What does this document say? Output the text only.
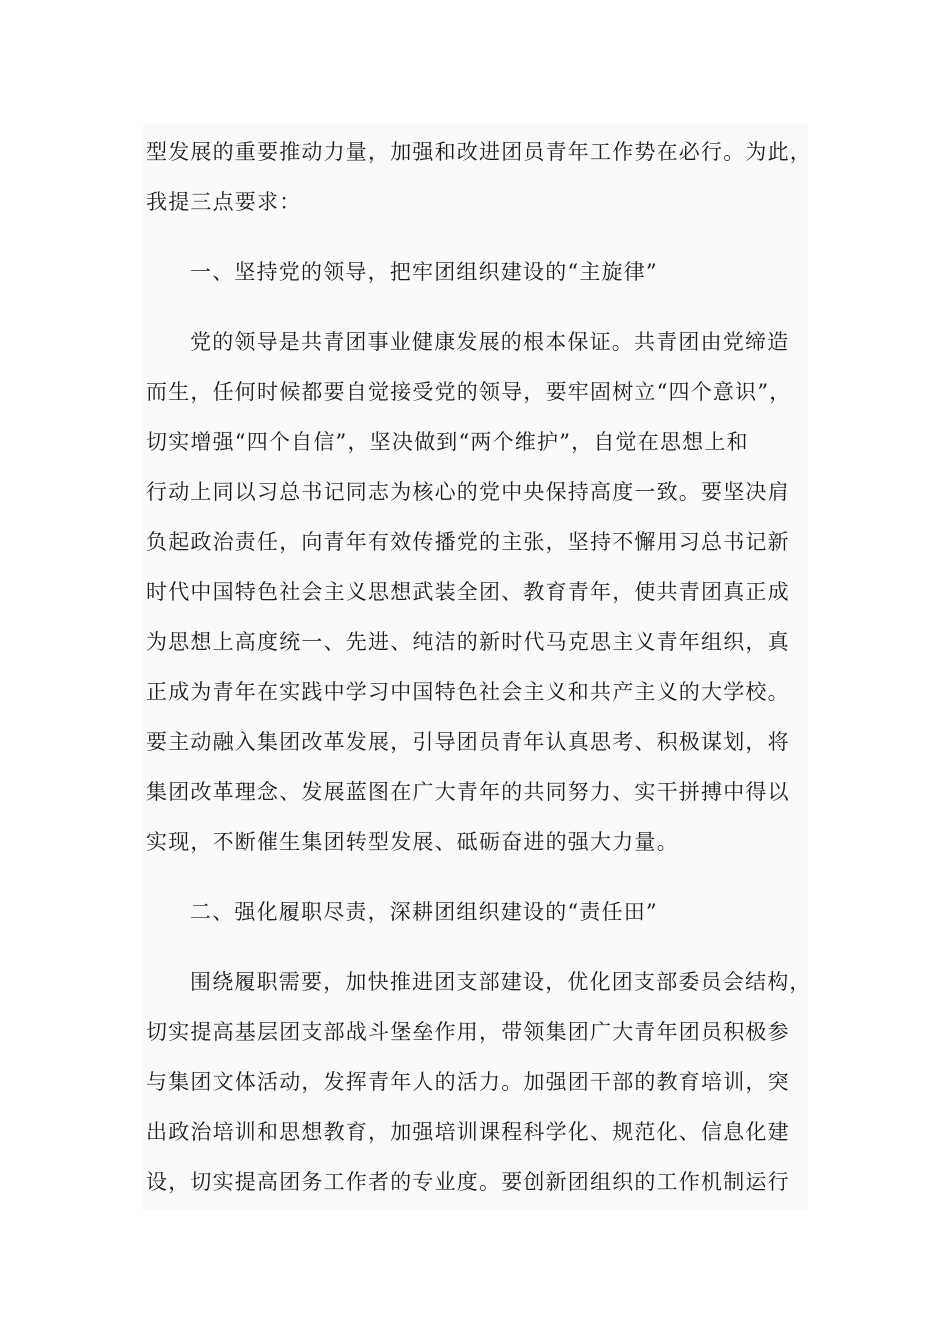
型发展的重要推动力量，加强和改进团员青年工作势在必行。为此，
我提三点要求：
一、坚持党的领导，把牢团组织建设的“主旋律”
党的领导是共青团事业健康发展的根本保证。共青团由党缔造
而生，任何时候都要自觉接受党的领导，要牢固树立“四个意识”，
切实增强“四个自信”，坚决做到“两个维护”，自觉在思想上和
行动上同以习总书记同志为核心的党中央保持高度一致。要坚决肩
负起政治责任，向青年有效传播党的主张，坚持不懈用习总书记新
时代中国特色社会主义思想武装全团、教育青年，使共青团真正成
为思想上高度统一、先进、纯洁的新时代马克思主义青年组织，真
正成为青年在实践中学习中国特色社会主义和共产主义的大学校。
要主动融入集团改革发展，引导团员青年认真思考、积极谋划，将
集团改革理念、发展蓝图在广大青年的共同努力、实干拼搏中得以
实现，不断催生集团转型发展、砥砺奋进的强大力量。
二、强化履职尽责，深耕团组织建设的“责任田”
围绕履职需要，加快推进团支部建设，优化团支部委员会结构，
切实提高基层团支部战斗堡垒作用，带领集团广大青年团员积极参
与集团文体活动，发挥青年人的活力。加强团干部的教育培训，突
出政治培训和思想教育，加强培训课程科学化、规范化、信息化建
设，切实提高团务工作者的专业度。要创新团组织的工作机制运行
